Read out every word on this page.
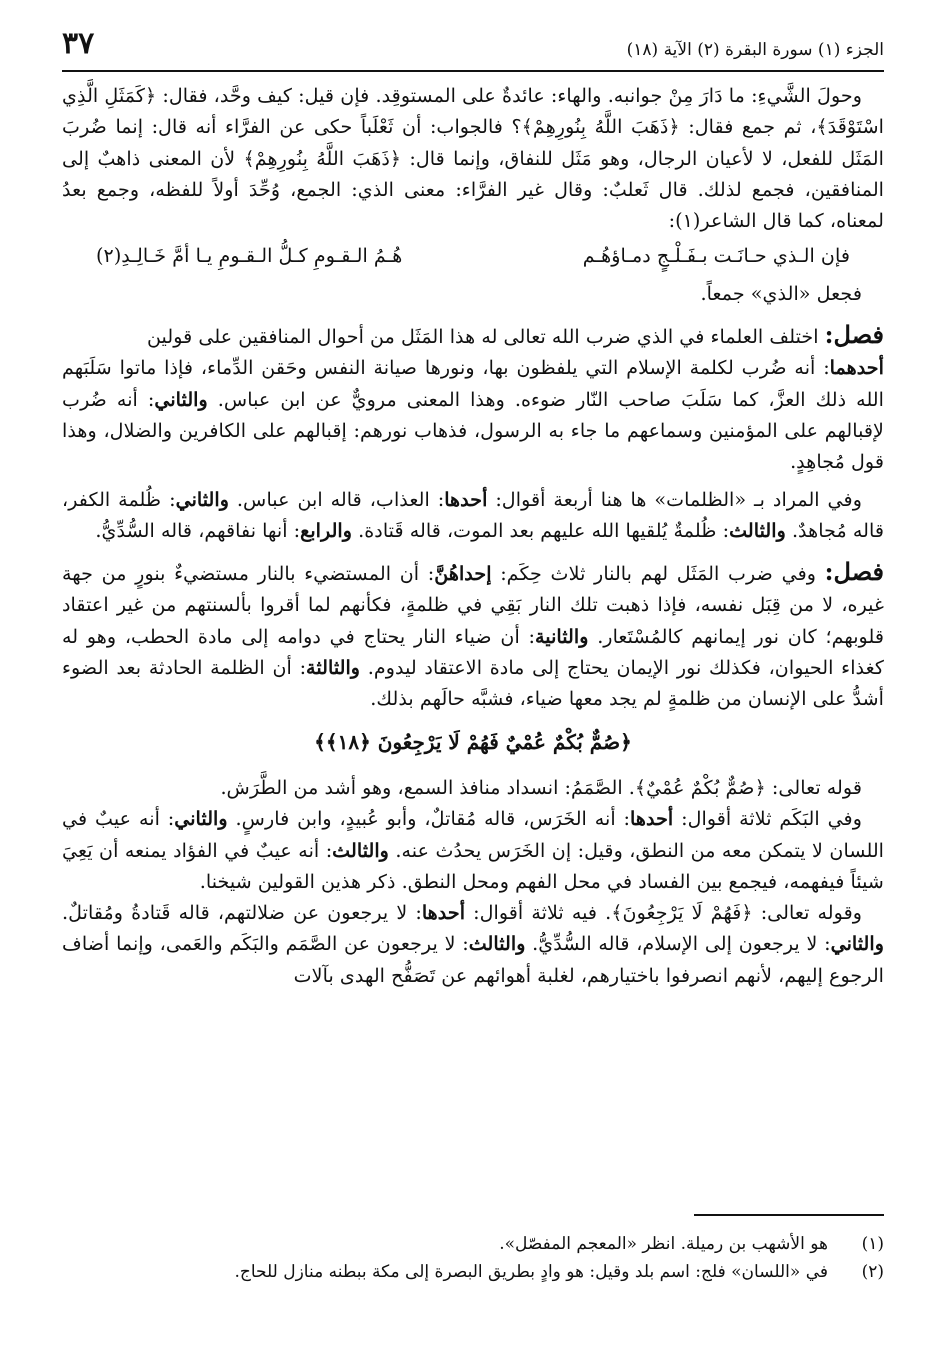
٣٧	الجزء (١) سورة البقرة (٢) الآية (١٨)

وحولَ الشَّيءِ: ما دَارَ مِنْ جوانبه. والهاء: عائدةٌ على المستوقِد. فإن قيل: كيف وحَّد، فقال: ﴿كَمَثَلِ الَّذِي اسْتَوْقَدَ﴾، ثم جمع فقال: ﴿ذَهَبَ اللَّهُ بِنُورِهِمْ﴾؟ فالجواب: أن ثَعْلَباً حكى عن الفرَّاء أنه قال: إنما ضُربَ المَثَل للفعل، لا لأعيان الرجال، وهو مَثَل للنفاق، وإنما قال: ﴿ذَهَبَ اللَّهُ بِنُورِهِمْ﴾ لأن المعنى ذاهبٌ إلى المنافقين، فجمع لذلك. قال ثَعلبٌ: وقال غير الفرَّاء: معنى الذي: الجمع، وُحِّدَ أولاً للفظه، وجمع بعدُ لمعناه، كما قال الشاعر(١):

فإن الـذي حـانَـت بـفَـلْـجٍ دمـاؤهُـم
هُـمُ الـقـومِ كـلُّ الـقـومِ يـا أمَّ خَـالِـدِ(٢)

فجعل «الذي» جمعاً.

فصل: اختلف العلماء في الذي ضرب الله تعالى له هذا المَثَل من أحوال المنافقين على قولين

أحدهما: أنه ضُرب لكلمة الإسلام التي يلفظون بها، ونورها صيانة النفس وحَقن الدِّماء، فإذا ماتوا سَلَبَهم الله ذلك العزَّ، كما سَلَبَ صاحب النّار ضوءه. وهذا المعنى مرويٌّ عن ابن عباس. والثاني: أنه ضُرب لإقبالهم على المؤمنين وسماعهم ما جاء به الرسول، فذهاب نورهم: إقبالهم على الكافرين والضلال، وهذا قول مُجاهِدٍ.

وفي المراد بـ «الظلمات» ها هنا أربعة أقوال: أحدها: العذاب، قاله ابن عباس. والثاني: ظُلمة الكفر، قاله مُجاهدٌ. والثالث: ظُلمةٌ يُلقيها الله عليهم بعد الموت، قاله قَتادة. والرابع: أنها نفاقهم، قاله السُّدِّيُّ.

فصل: وفي ضرب المَثَل لهم بالنار ثلاث حِكَم: إحداهُنَّ: أن المستضيء بالنار مستضيءٌ بنورٍ من جهة غيره، لا من قِبَل نفسه، فإذا ذهبت تلك النار بَقِي في ظلمةٍ، فكأنهم لما أقروا بألسنتهم من غير اعتقاد قلوبهم؛ كان نور إيمانهم كالمُسْتَعار. والثانية: أن ضياء النار يحتاج في دوامه إلى مادة الحطب، وهو له كغذاء الحيوان، فكذلك نور الإيمان يحتاج إلى مادة الاعتقاد ليدوم. والثالثة: أن الظلمة الحادثة بعد الضوء أشدُّ على الإنسان من ظلمةٍ لم يجد معها ضياء، فشبَّه حالَهم بذلك.

﴿صُمٌّ بُكْمٌ عُمْيٌ فَهُمْ لَا يَرْجِعُونَ ﴿١٨﴾﴾

قوله تعالى: ﴿صُمٌّ بُكْمٌ عُمْيٌ﴾. الصَّمَمُ: انسداد منافذ السمع، وهو أشد من الطَّرَش.

وفي البَكَم ثلاثة أقوال: أحدها: أنه الخَرَس، قاله مُقاتلٌ، وأبو عُبيدٍ، وابن فارسٍ. والثاني: أنه عيبٌ في اللسان لا يتمكن معه من النطق، وقيل: إن الخَرَس يحدُث عنه. والثالث: أنه عيبٌ في الفؤاد يمنعه أن يَعِيَ شيئاً فيفهمه، فيجمع بين الفساد في محل الفهم ومحل النطق. ذكر هذين القولين شيخنا.

وقوله تعالى: ﴿فَهُمْ لَا يَرْجِعُونَ﴾. فيه ثلاثة أقوال: أحدها: لا يرجعون عن ضلالتهم، قاله قَتادةُ ومُقاتلٌ. والثاني: لا يرجعون إلى الإسلام، قاله السُّدِّيُّ. والثالث: لا يرجعون عن الصَّمَم والبَكَم والعَمى، وإنما أضاف الرجوع إليهم، لأنهم انصرفوا باختيارهم، لغلبة أهوائهم عن تَصَفُّح الهدى بآلات

(١)
هو الأشهب بن رميلة. انظر «المعجم المفصّل».
(٢)
في «اللسان» فلج: اسم بلد وقيل: هو وادٍ بطريق البصرة إلى مكة ببطنه منازل للحاج.
